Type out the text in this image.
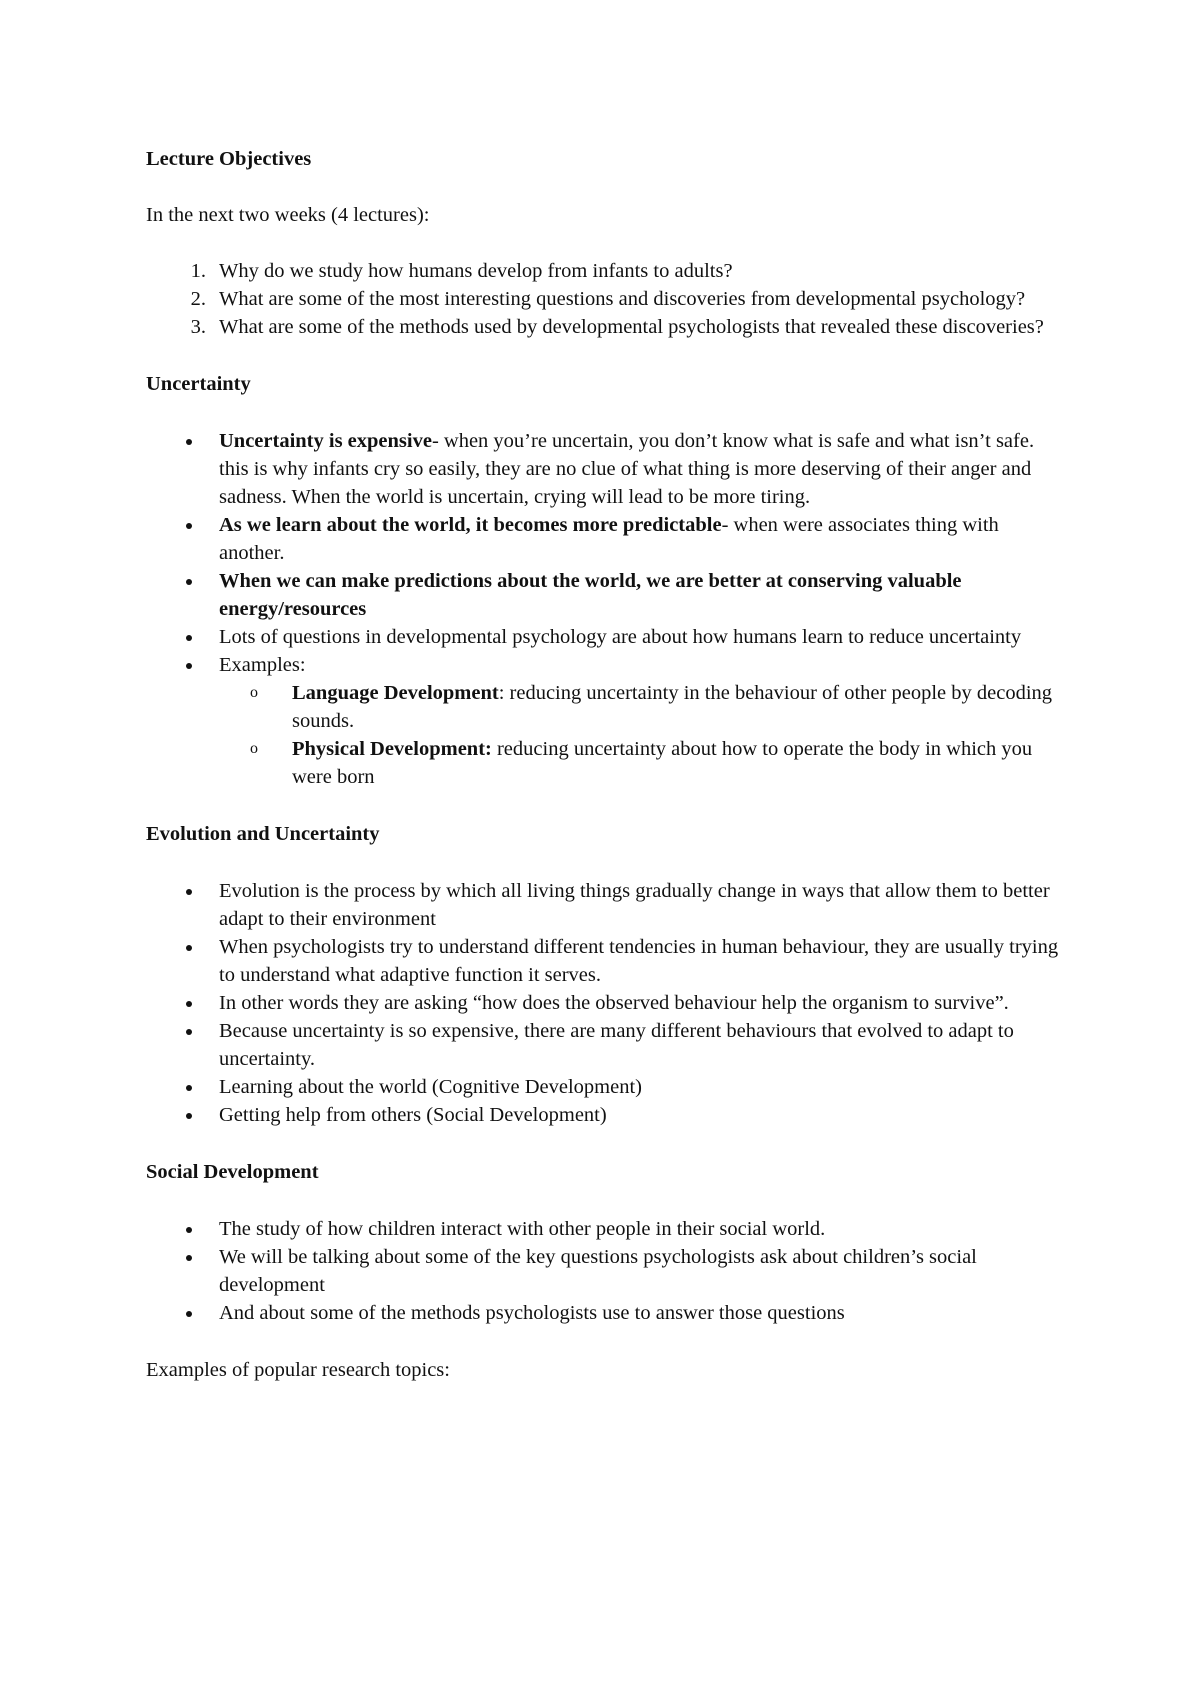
Lecture Objectives

In the next two weeks (4 lectures):

1. Why do we study how humans develop from infants to adults?
2. What are some of the most interesting questions and discoveries from developmental psychology?
3. What are some of the methods used by developmental psychologists that revealed these discoveries?

Uncertainty

Uncertainty is expensive- when you’re uncertain, you don’t know what is safe and what isn’t safe. this is why infants cry so easily, they are no clue of what thing is more deserving of their anger and sadness. When the world is uncertain, crying will lead to be more tiring.
As we learn about the world, it becomes more predictable- when were associates thing with another.
When we can make predictions about the world, we are better at conserving valuable energy/resources
Lots of questions in developmental psychology are about how humans learn to reduce uncertainty
Examples:
o Language Development: reducing uncertainty in the behaviour of other people by decoding sounds.
o Physical Development: reducing uncertainty about how to operate the body in which you were born

Evolution and Uncertainty

Evolution is the process by which all living things gradually change in ways that allow them to better adapt to their environment
When psychologists try to understand different tendencies in human behaviour, they are usually trying to understand what adaptive function it serves.
In other words they are asking “how does the observed behaviour help the organism to survive”.
Because uncertainty is so expensive, there are many different behaviours that evolved to adapt to uncertainty.
Learning about the world (Cognitive Development)
Getting help from others (Social Development)

Social Development

The study of how children interact with other people in their social world.
We will be talking about some of the key questions psychologists ask about children’s social development
And about some of the methods psychologists use to answer those questions

Examples of popular research topics:
